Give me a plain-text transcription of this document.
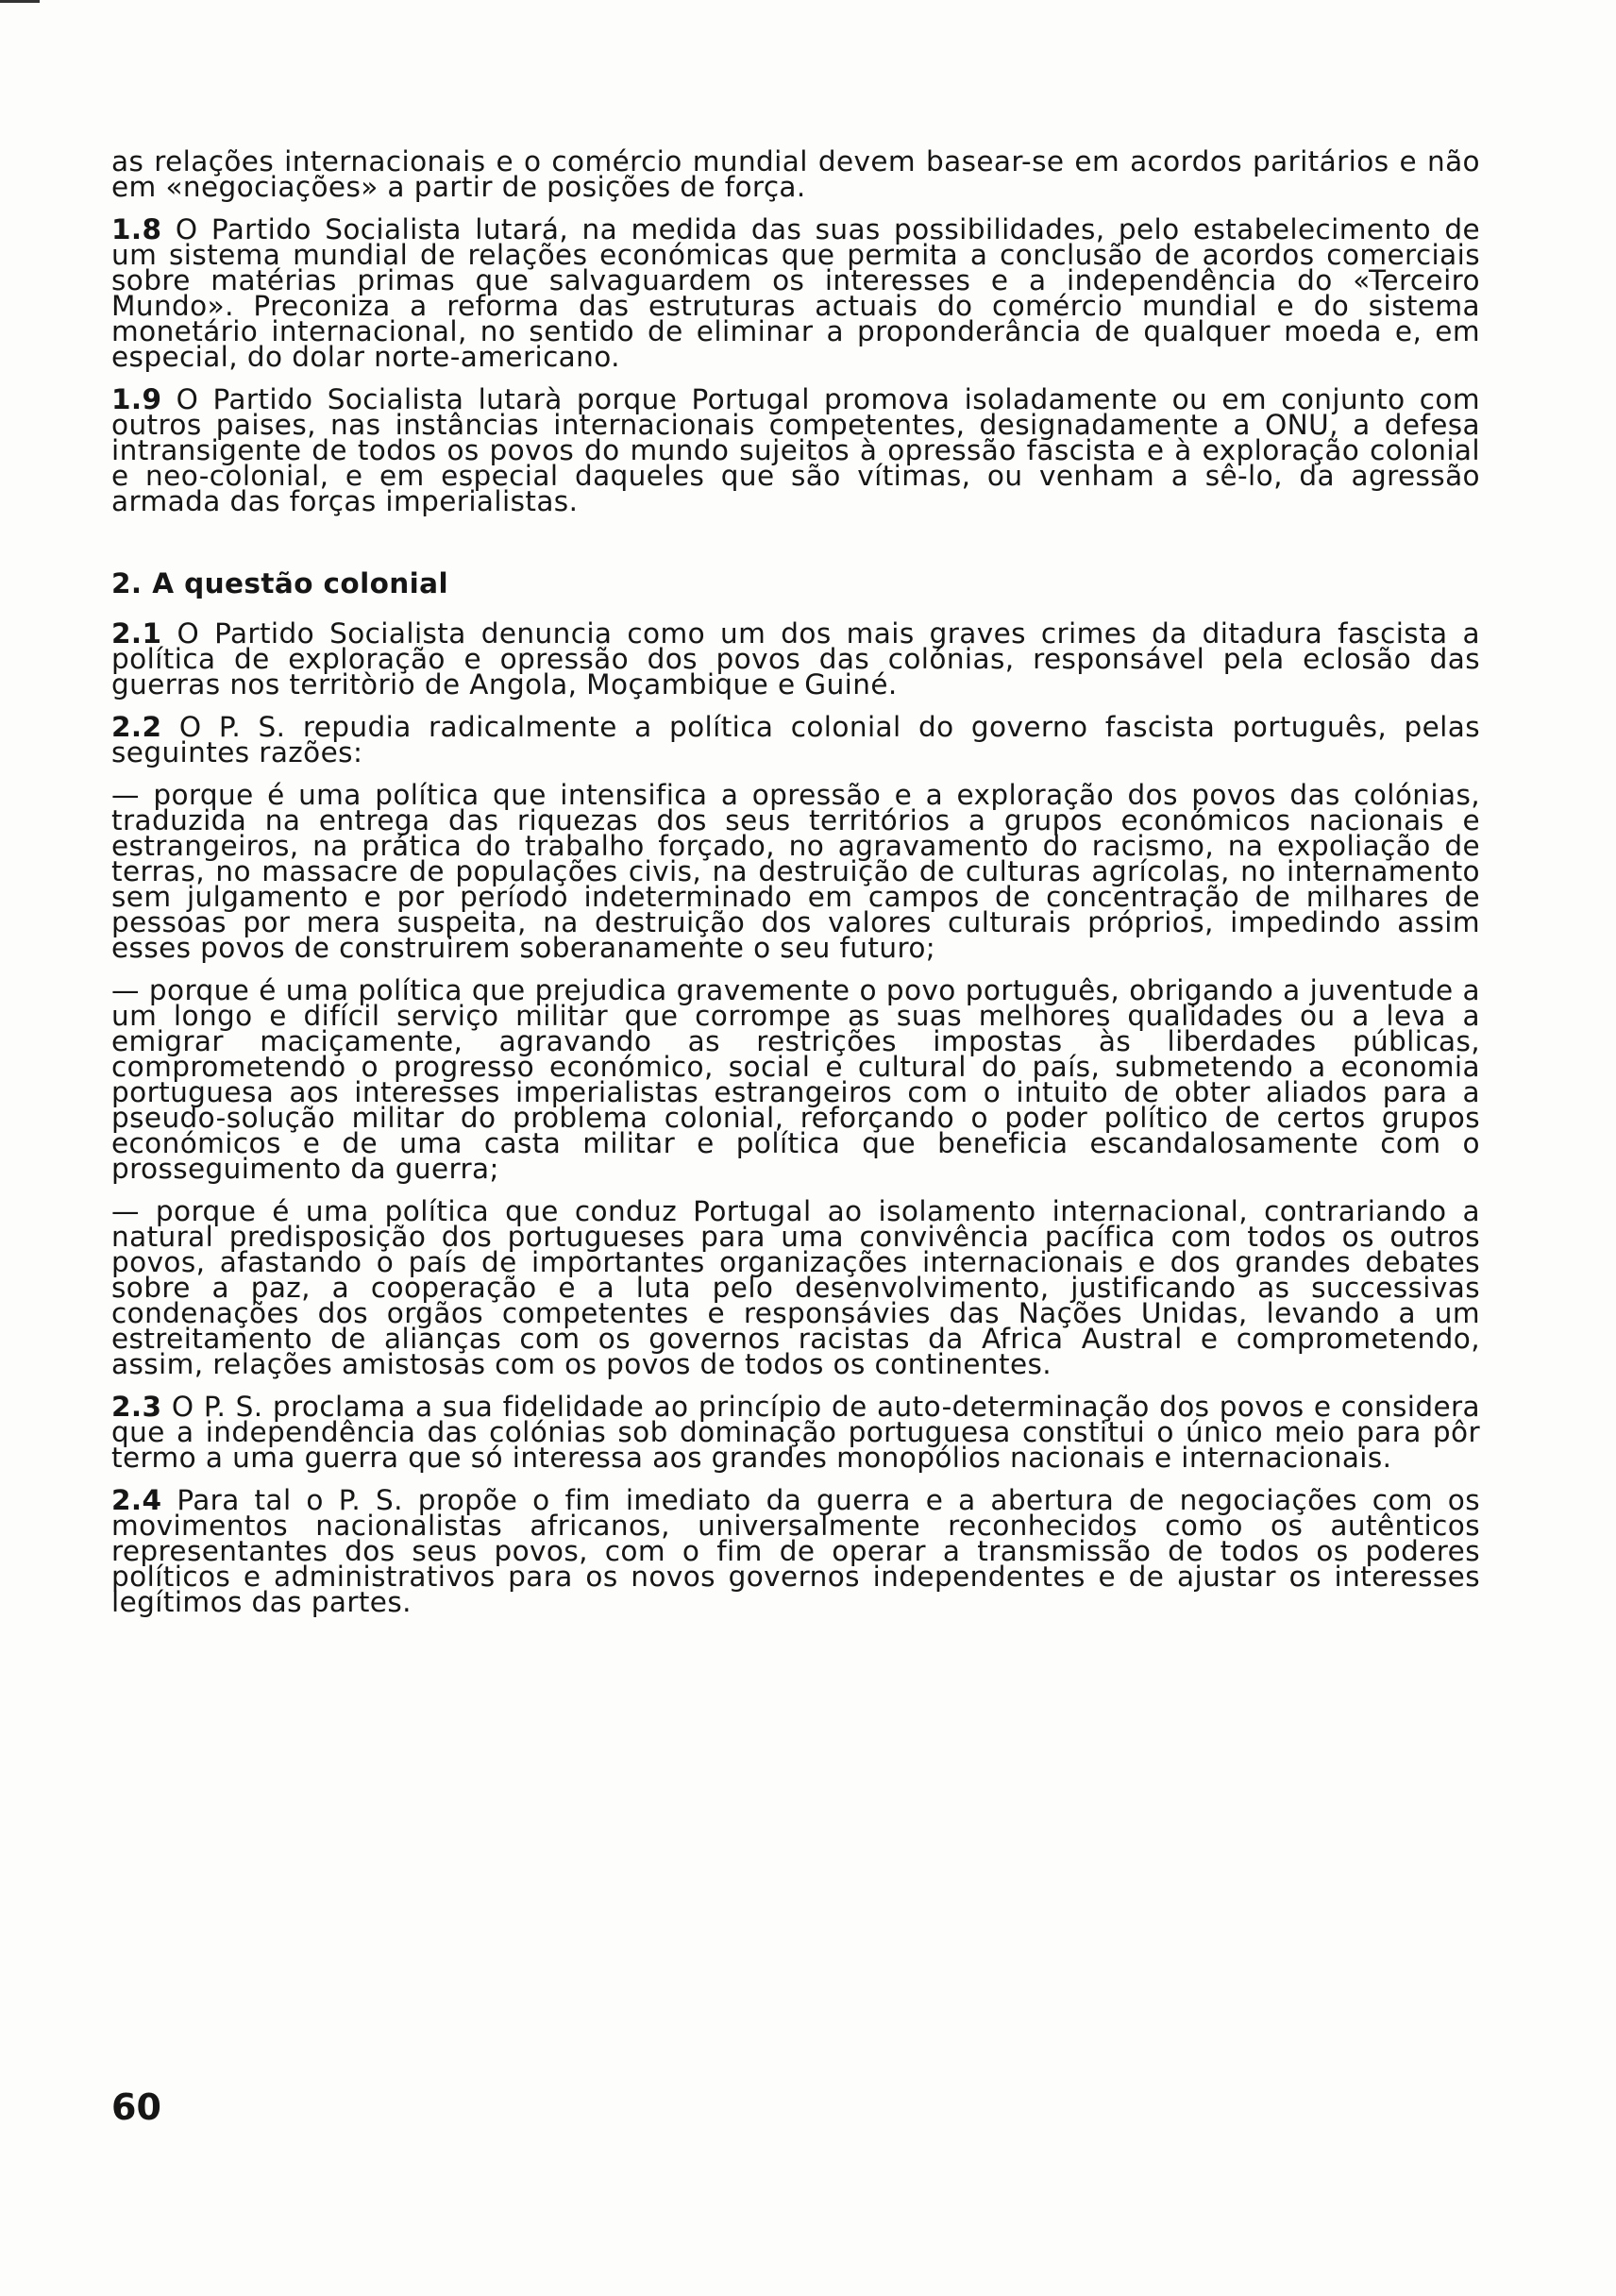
as relações internacionais e o comércio mundial devem basear-se em acordos paritários e não em «negociações» a partir de posições de força.

1.8 O Partido Socialista lutará, na medida das suas possibilidades, pelo estabelecimento de um sistema mundial de relações económicas que permita a conclusão de acordos comerciais sobre matérias primas que salvaguardem os interesses e a independência do «Terceiro Mundo». Preconiza a reforma das estruturas actuais do comércio mundial e do sistema monetário internacional, no sentido de eliminar a proponderância de qualquer moeda e, em especial, do dolar norte-americano.

1.9 O Partido Socialista lutarà porque Portugal promova isoladamente ou em conjunto com outros paises, nas instâncias internacionais competentes, designadamente a ONU, a defesa intransigente de todos os povos do mundo sujeitos à opressão fascista e à exploração colonial e neo-colonial, e em especial daqueles que são vítimas, ou venham a sê-lo, da agressão armada das forças imperialistas.

2. A questão colonial

2.1 O Partido Socialista denuncia como um dos mais graves crimes da ditadura fascista a política de exploração e opressão dos povos das colónias, responsável pela eclosão das guerras nos territòrio de Angola, Moçambique e Guiné.

2.2 O P. S. repudia radicalmente a política colonial do governo fascista português, pelas seguintes razões:

— porque é uma política que intensifica a opressão e a exploração dos povos das colónias, traduzida na entrega das riquezas dos seus territórios a grupos económicos nacionais e estrangeiros, na prática do trabalho forçado, no agravamento do racismo, na expoliação de terras, no massacre de populações civis, na destruição de culturas agrícolas, no internamento sem julgamento e por período indeterminado em campos de concentração de milhares de pessoas por mera suspeita, na destruição dos valores culturais próprios, impedindo assim esses povos de construirem soberanamente o seu futuro;

— porque é uma política que prejudica gravemente o povo português, obrigando a juventude a um longo e difícil serviço militar que corrompe as suas melhores qualidades ou a leva a emigrar maciçamente, agravando as restrições impostas às liberdades públicas, comprometendo o progresso económico, social e cultural do país, submetendo a economia portuguesa aos interesses imperialistas estrangeiros com o intuito de obter aliados para a pseudo-solução militar do problema colonial, reforçando o poder político de certos grupos económicos e de uma casta militar e política que beneficia escandalosamente com o prosseguimento da guerra;

— porque é uma política que conduz Portugal ao isolamento internacional, contrariando a natural predisposição dos portugueses para uma convivência pacífica com todos os outros povos, afastando o país de importantes organizações internacionais e dos grandes debates sobre a paz, a cooperação e a luta pelo desenvolvimento, justificando as successivas condenações dos orgãos competentes e responsávies das Nações Unidas, levando a um estreitamento de alianças com os governos racistas da Africa Austral e comprometendo, assim, relações amistosas com os povos de todos os continentes.

2.3 O P. S. proclama a sua fidelidade ao princípio de auto-determinação dos povos e considera que a independência das colónias sob dominação portuguesa constitui o único meio para pôr termo a uma guerra que só interessa aos grandes monopólios nacionais e internacionais.

2.4 Para tal o P. S. propõe o fim imediato da guerra e a abertura de negociações com os movimentos nacionalistas africanos, universalmente reconhecidos como os autênticos representantes dos seus povos, com o fim de operar a transmissão de todos os poderes políticos e administrativos para os novos governos independentes e de ajustar os interesses legítimos das partes.

60
